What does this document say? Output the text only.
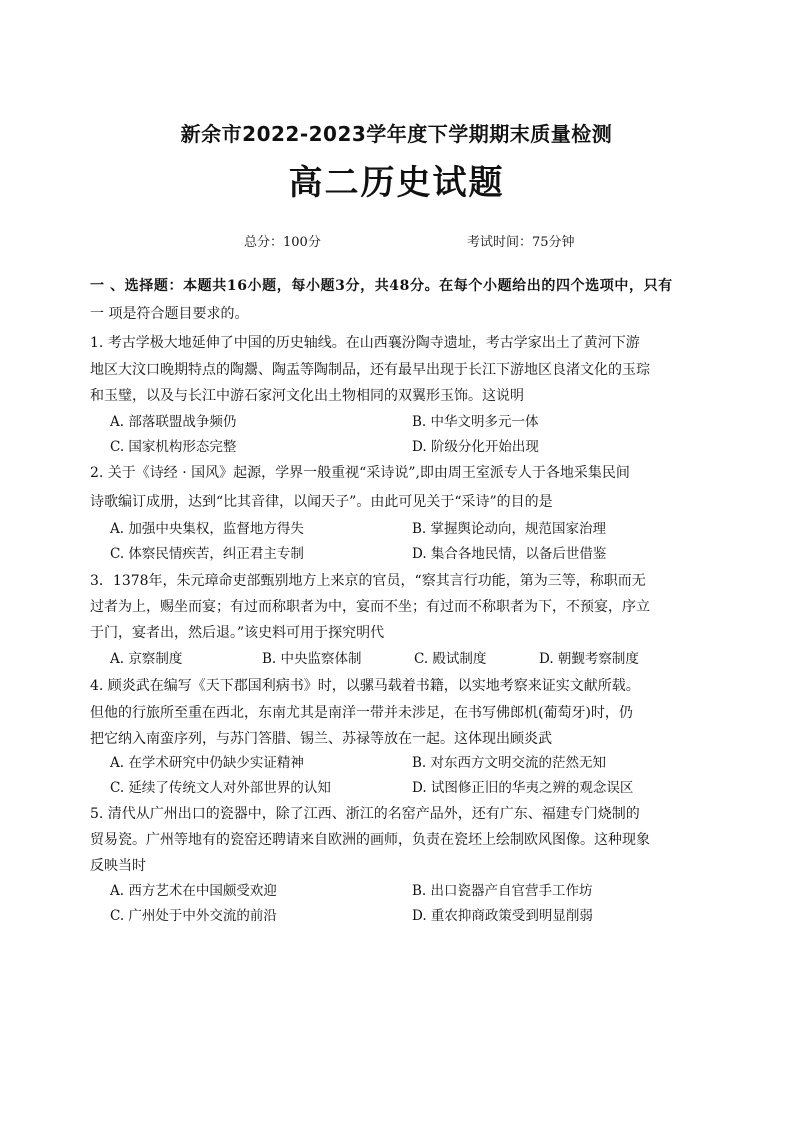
新余市2022-2023学年度下学期期末质量检测
高二历史试题
总分：100分	考试时间：75分钟
一 、选择题：本题共16小题，每小题3分，共48分。在每个小题给出的四个选项中，只有
一 项是符合题目要求的。
1. 考古学极大地延伸了中国的历史轴线。在山西襄汾陶寺遗址，考古学家出土了黄河下游
地区大汶口晚期特点的陶鬶、陶盂等陶制品，还有最早出现于长江下游地区良渚文化的玉琮
和玉璧，以及与长江中游石家河文化出土物相同的双翼形玉饰。这说明
A. 部落联盟战争频仍	B. 中华文明多元一体
C. 国家机构形态完整	D. 阶级分化开始出现
2. 关于《诗经 · 国风》起源，学界一般重视“采诗说”,即由周王室派专人于各地采集民间
诗歌编订成册，达到“比其音律，以闻天子”。由此可见关于“采诗”的目的是
A. 加强中央集权，监督地方得失	B. 掌握舆论动向，规范国家治理
C. 体察民情疾苦，纠正君主专制	D. 集合各地民情，以备后世借鉴
3．1378年，朱元璋命吏部甄别地方上来京的官员，“察其言行功能，第为三等，称职而无
过者为上，赐坐而宴；有过而称职者为中，宴而不坐；有过而不称职者为下，不预宴，序立
于门，宴者出，然后退。”该史料可用于探究明代
A. 京察制度	B. 中央监察体制	C. 殿试制度	D. 朝觐考察制度
4. 顾炎武在编写《天下郡国利病书》时，以骡马载着书籍，以实地考察来证实文献所载。
但他的行旅所至重在西北，东南尤其是南洋一带并未涉足，在书写佛郎机(葡萄牙)时，仍
把它纳入南蛮序列，与苏门答腊、锡兰、苏禄等放在一起。这体现出顾炎武
A. 在学术研究中仍缺少实证精神	B. 对东西方文明交流的茫然无知
C. 延续了传统文人对外部世界的认知	D. 试图修正旧的华夷之辨的观念误区
5. 清代从广州出口的瓷器中，除了江西、浙江的名窑产品外，还有广东、福建专门烧制的
贸易瓷。广州等地有的瓷窑还聘请来自欧洲的画师，负责在瓷坯上绘制欧风图像。这种现象
反映当时
A. 西方艺术在中国颇受欢迎	B. 出口瓷器产自官营手工作坊
C. 广州处于中外交流的前沿	D. 重农抑商政策受到明显削弱
